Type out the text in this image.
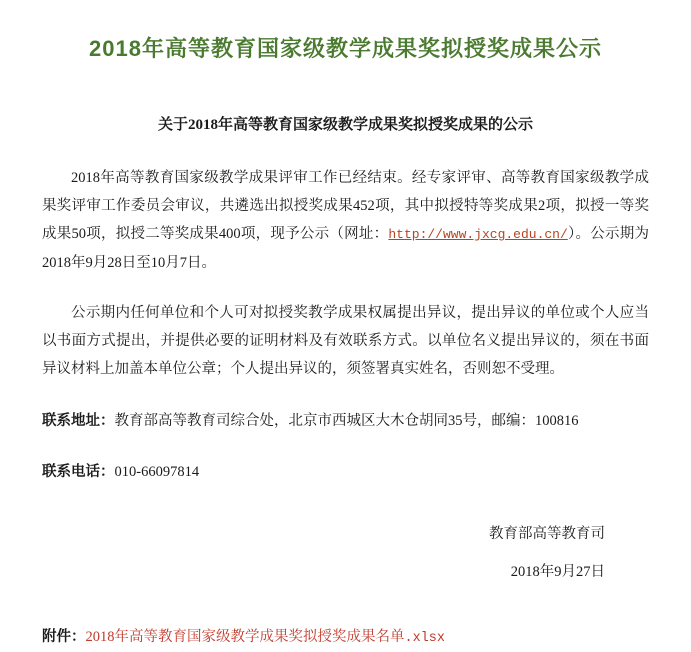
2018年高等教育国家级教学成果奖拟授奖成果公示
关于2018年高等教育国家级教学成果奖拟授奖成果的公示

2018年高等教育国家级教学成果评审工作已经结束。经专家评审、高等教育国家级教学成果奖评审工作委员会审议，共遴选出拟授奖成果452项，其中拟授特等奖成果2项，拟授一等奖成果50项，拟授二等奖成果400项，现予公示（网址：http://www.jxcg.edu.cn/）。公示期为2018年9月28日至10月7日。

公示期内任何单位和个人可对拟授奖教学成果权属提出异议，提出异议的单位或个人应当以书面方式提出，并提供必要的证明材料及有效联系方式。以单位名义提出异议的，须在书面异议材料上加盖本单位公章；个人提出异议的，须签署真实姓名，否则恕不受理。

联系地址：教育部高等教育司综合处，北京市西城区大木仓胡同35号，邮编：100816
联系电话：010-66097814
教育部高等教育司
2018年9月27日
附件：2018年高等教育国家级教学成果奖拟授奖成果名单.xlsx
